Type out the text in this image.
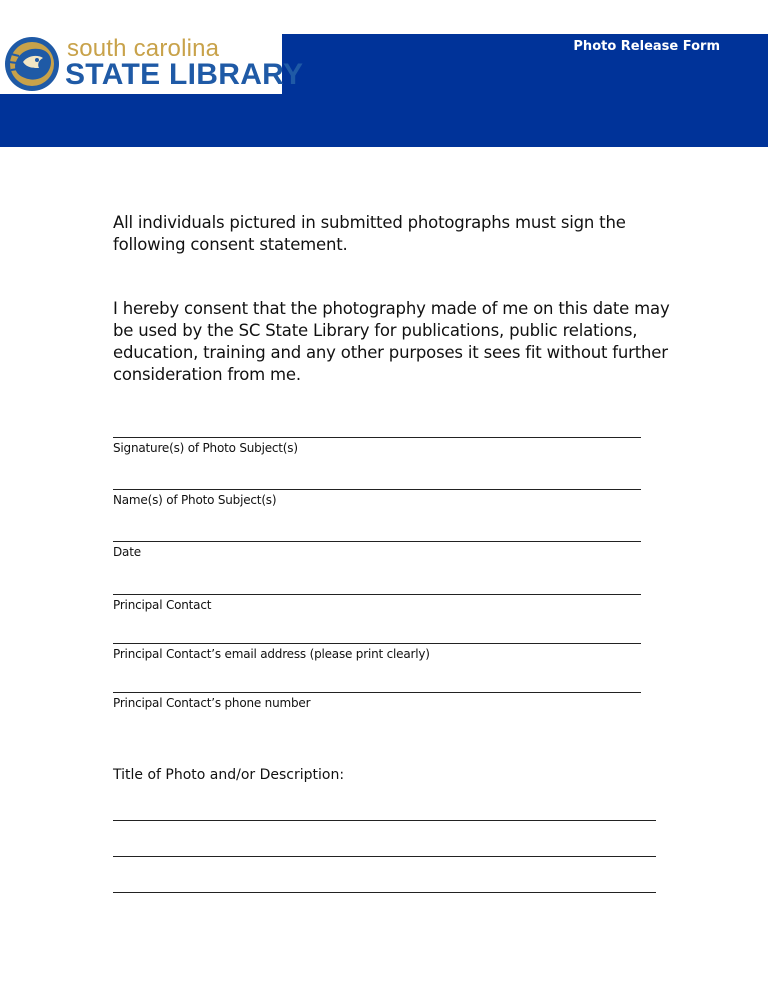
south carolina
STATE LIBRARY
Photo Release Form

All individuals pictured in submitted photographs must sign the following consent statement.

I hereby consent that the photography made of me on this date may be used by the SC State Library for publications, public relations, education, training and any other purposes it sees fit without further consideration from me.

Signature(s) of Photo Subject(s)
Name(s) of Photo Subject(s)
Date
Principal Contact
Principal Contact’s email address (please print clearly)
Principal Contact’s phone number
Title of Photo and/or Description:
